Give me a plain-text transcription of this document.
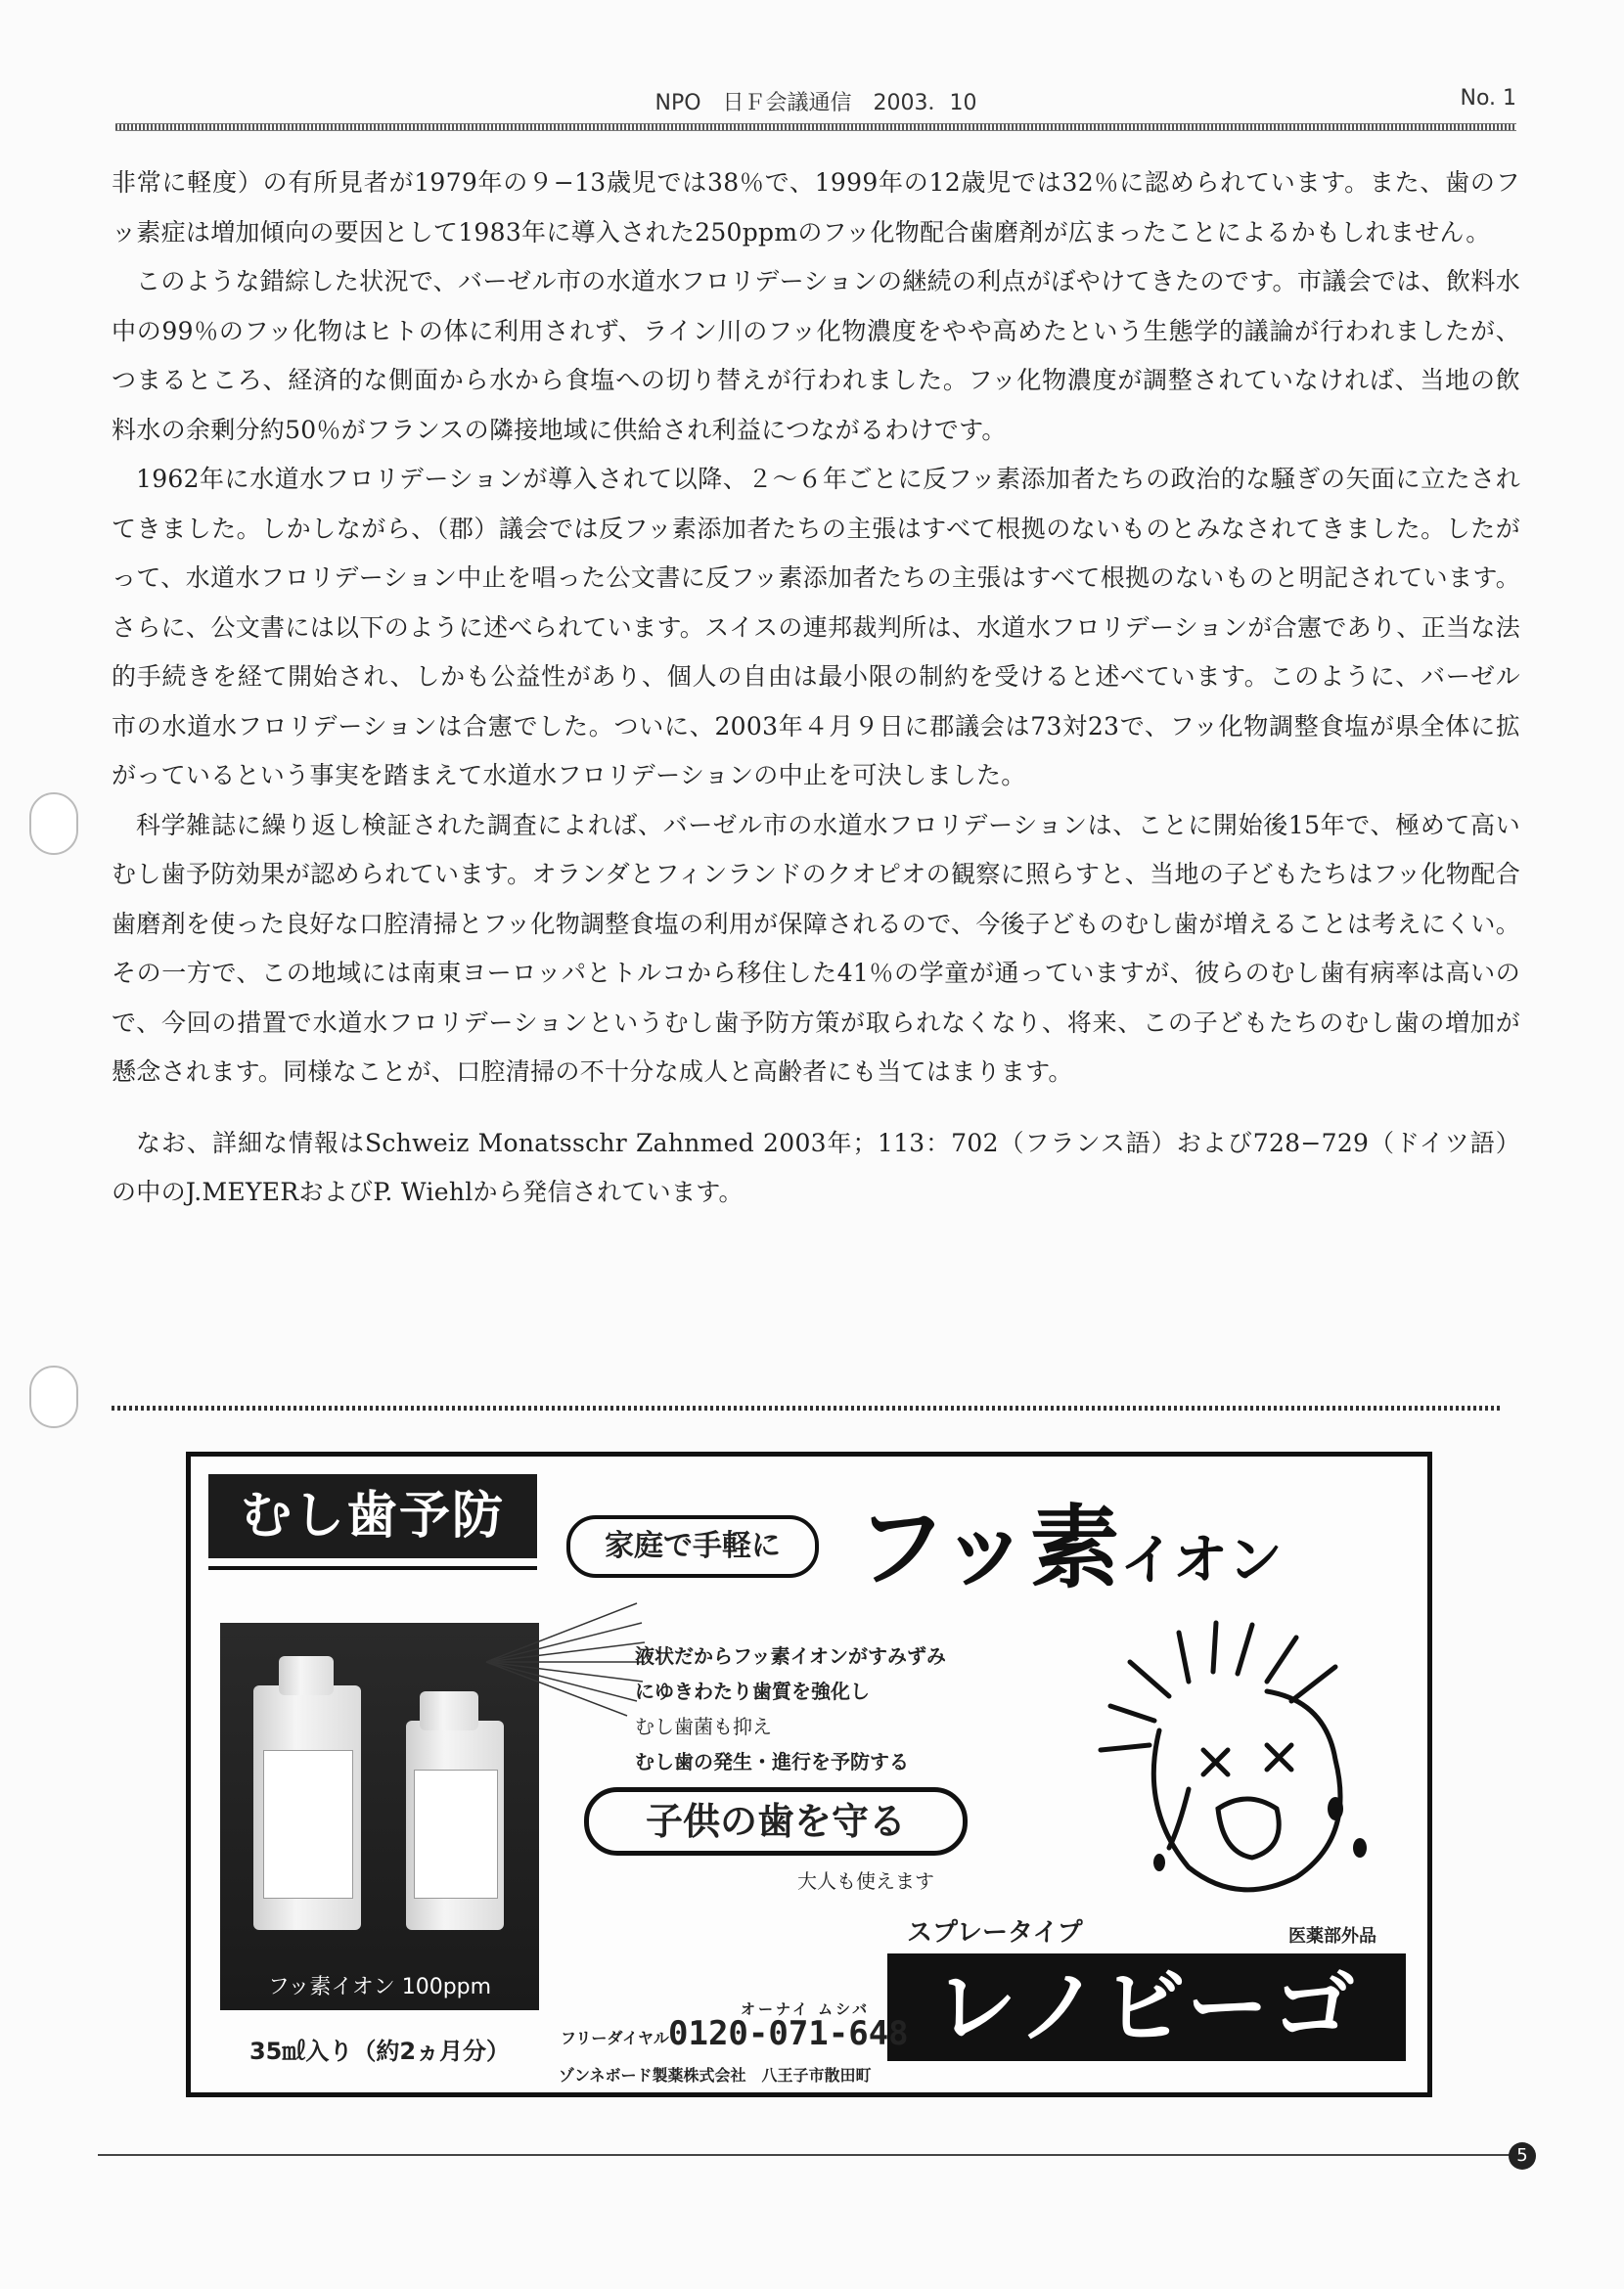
NPO　日Ｆ会議通信　2003．10	No. 1

非常に軽度）の有所見者が1979年の９−13歳児では38％で、1999年の12歳児では32％に認められています。また、歯のフッ素症は増加傾向の要因として1983年に導入された250ppmのフッ化物配合歯磨剤が広まったことによるかもしれません。

このような錯綜した状況で、バーゼル市の水道水フロリデーションの継続の利点がぼやけてきたのです。市議会では、飲料水中の99％のフッ化物はヒトの体に利用されず、ライン川のフッ化物濃度をやや高めたという生態学的議論が行われましたが、つまるところ、経済的な側面から水から食塩への切り替えが行われました。フッ化物濃度が調整されていなければ、当地の飲料水の余剰分約50％がフランスの隣接地域に供給され利益につながるわけです。

1962年に水道水フロリデーションが導入されて以降、２〜６年ごとに反フッ素添加者たちの政治的な騒ぎの矢面に立たされてきました。しかしながら、（郡）議会では反フッ素添加者たちの主張はすべて根拠のないものとみなされてきました。したがって、水道水フロリデーション中止を唱った公文書に反フッ素添加者たちの主張はすべて根拠のないものと明記されています。さらに、公文書には以下のように述べられています。スイスの連邦裁判所は、水道水フロリデーションが合憲であり、正当な法的手続きを経て開始され、しかも公益性があり、個人の自由は最小限の制約を受けると述べています。このように、バーゼル市の水道水フロリデーションは合憲でした。ついに、2003年４月９日に郡議会は73対23で、フッ化物調整食塩が県全体に拡がっているという事実を踏まえて水道水フロリデーションの中止を可決しました。

科学雑誌に繰り返し検証された調査によれば、バーゼル市の水道水フロリデーションは、ことに開始後15年で、極めて高いむし歯予防効果が認められています。オランダとフィンランドのクオピオの観察に照らすと、当地の子どもたちはフッ化物配合歯磨剤を使った良好な口腔清掃とフッ化物調整食塩の利用が保障されるので、今後子どものむし歯が増えることは考えにくい。その一方で、この地域には南東ヨーロッパとトルコから移住した41％の学童が通っていますが、彼らのむし歯有病率は高いので、今回の措置で水道水フロリデーションというむし歯予防方策が取られなくなり、将来、この子どもたちのむし歯の増加が懸念されます。同様なことが、口腔清掃の不十分な成人と高齢者にも当てはまります。

なお、詳細な情報はSchweiz Monatsschr Zahnmed 2003年；113：702（フランス語）および728−729（ドイツ語）の中のJ.MEYERおよびP. Wiehlから発信されています。

むし歯予防
家庭で手軽に フッ素イオン
フッ素イオン 100ppm
35㎖入り（約2ヵ月分）
液状だからフッ素イオンがすみずみ
にゆきわたり歯質を強化し
むし歯菌も抑え
むし歯の発生・進行を予防する
子供の歯を守る
大人も使えます
スプレータイプ	医薬部外品
レノビーゴ
オーナイ ムシバ
フリーダイヤル 0120-071-648
ゾンネボード製薬株式会社　八王子市散田町
5
